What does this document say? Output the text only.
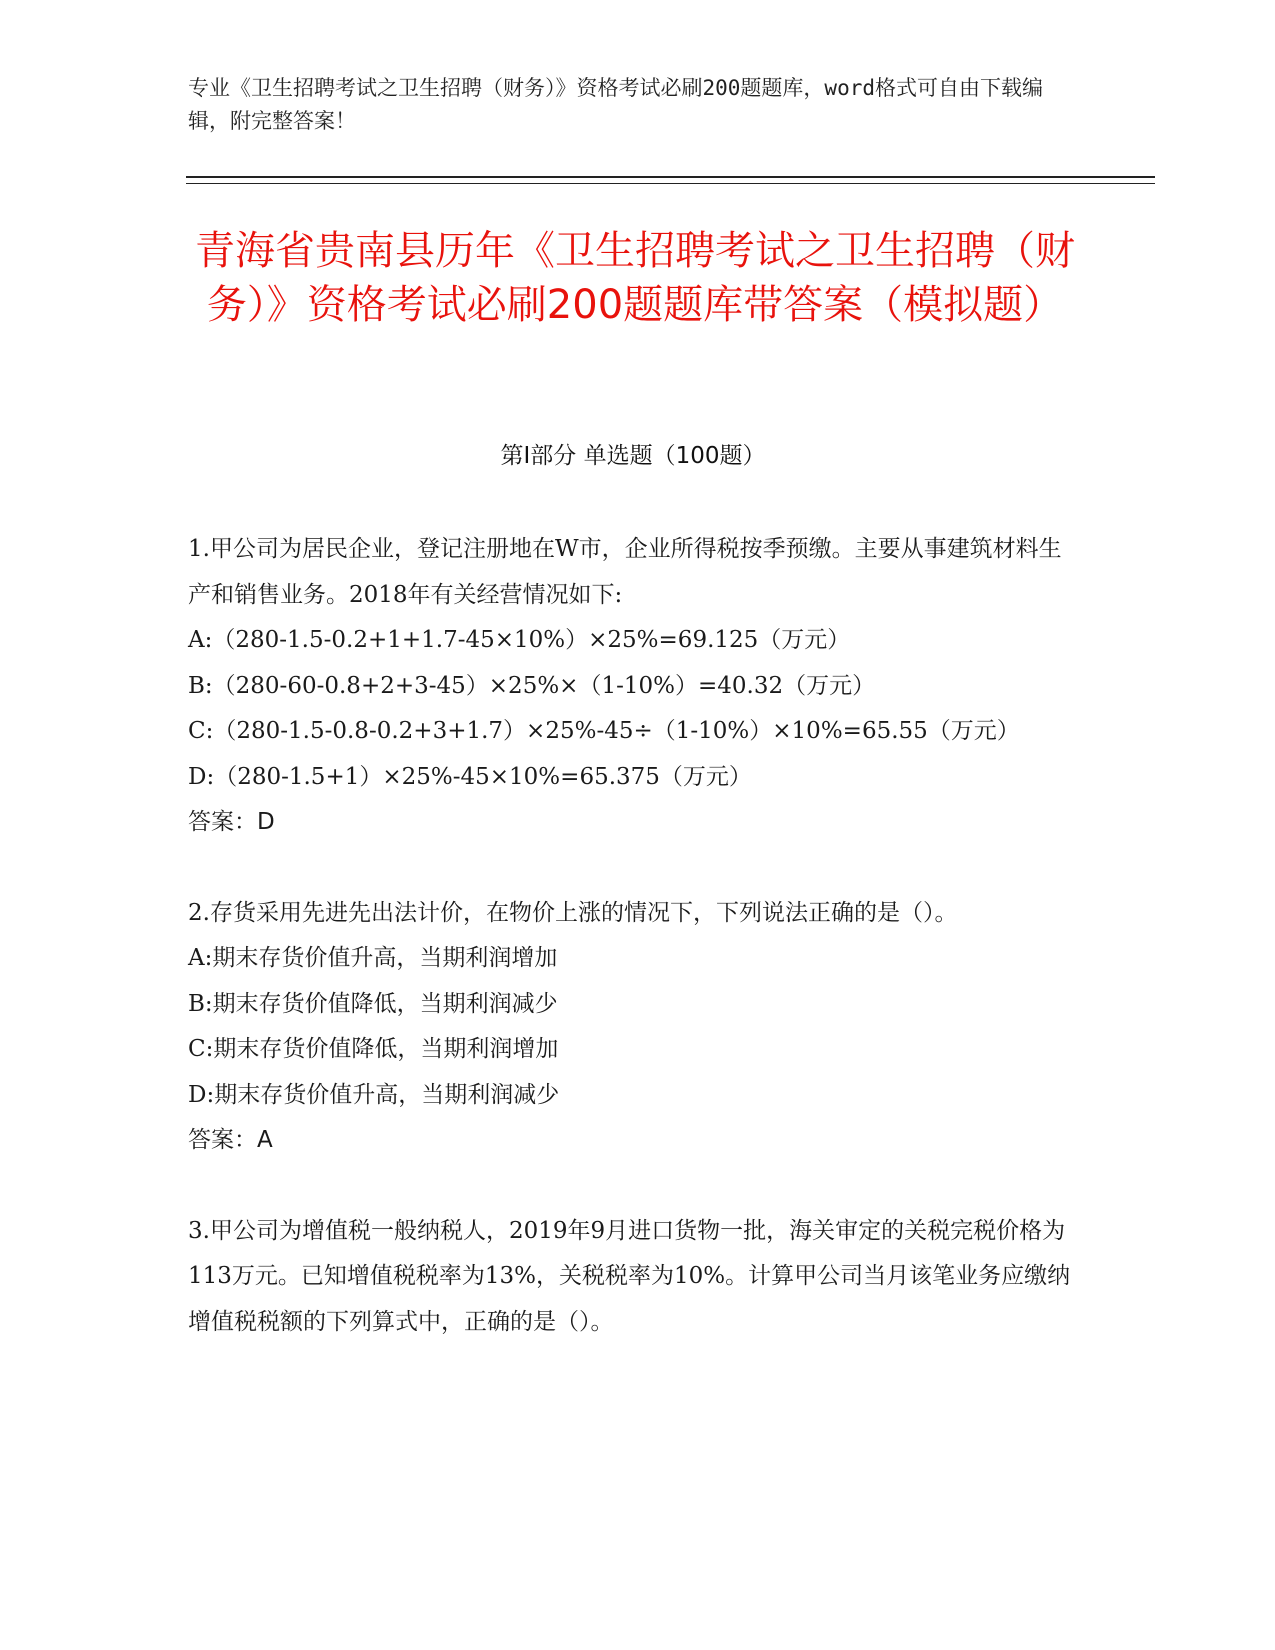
专业《卫生招聘考试之卫生招聘（财务）》资格考试必刷200题题库，word格式可自由下载编辑，附完整答案！
青海省贵南县历年《卫生招聘考试之卫生招聘（财务）》资格考试必刷200题题库带答案（模拟题）
第Ⅰ部分 单选题（100题）

1.甲公司为居民企业，登记注册地在W市，企业所得税按季预缴。主要从事建筑材料生产和销售业务。2018年有关经营情况如下:

A:（280-1.5-0.2+1+1.7-45×10%）×25%=69.125（万元）

B:（280-60-0.8+2+3-45）×25%×（1-10%）=40.32（万元）

C:（280-1.5-0.8-0.2+3+1.7）×25%-45÷（1-10%）×10%=65.55（万元）

D:（280-1.5+1）×25%-45×10%=65.375（万元）

答案：D

2.存货采用先进先出法计价，在物价上涨的情况下，下列说法正确的是（）。

A:期末存货价值升高，当期利润增加

B:期末存货价值降低，当期利润减少

C:期末存货价值降低，当期利润增加

D:期末存货价值升高，当期利润减少

答案：A

3.甲公司为增值税一般纳税人，2019年9月进口货物一批，海关审定的关税完税价格为113万元。已知增值税税率为13%，关税税率为10%。计算甲公司当月该笔业务应缴纳增值税税额的下列算式中，正确的是（）。
